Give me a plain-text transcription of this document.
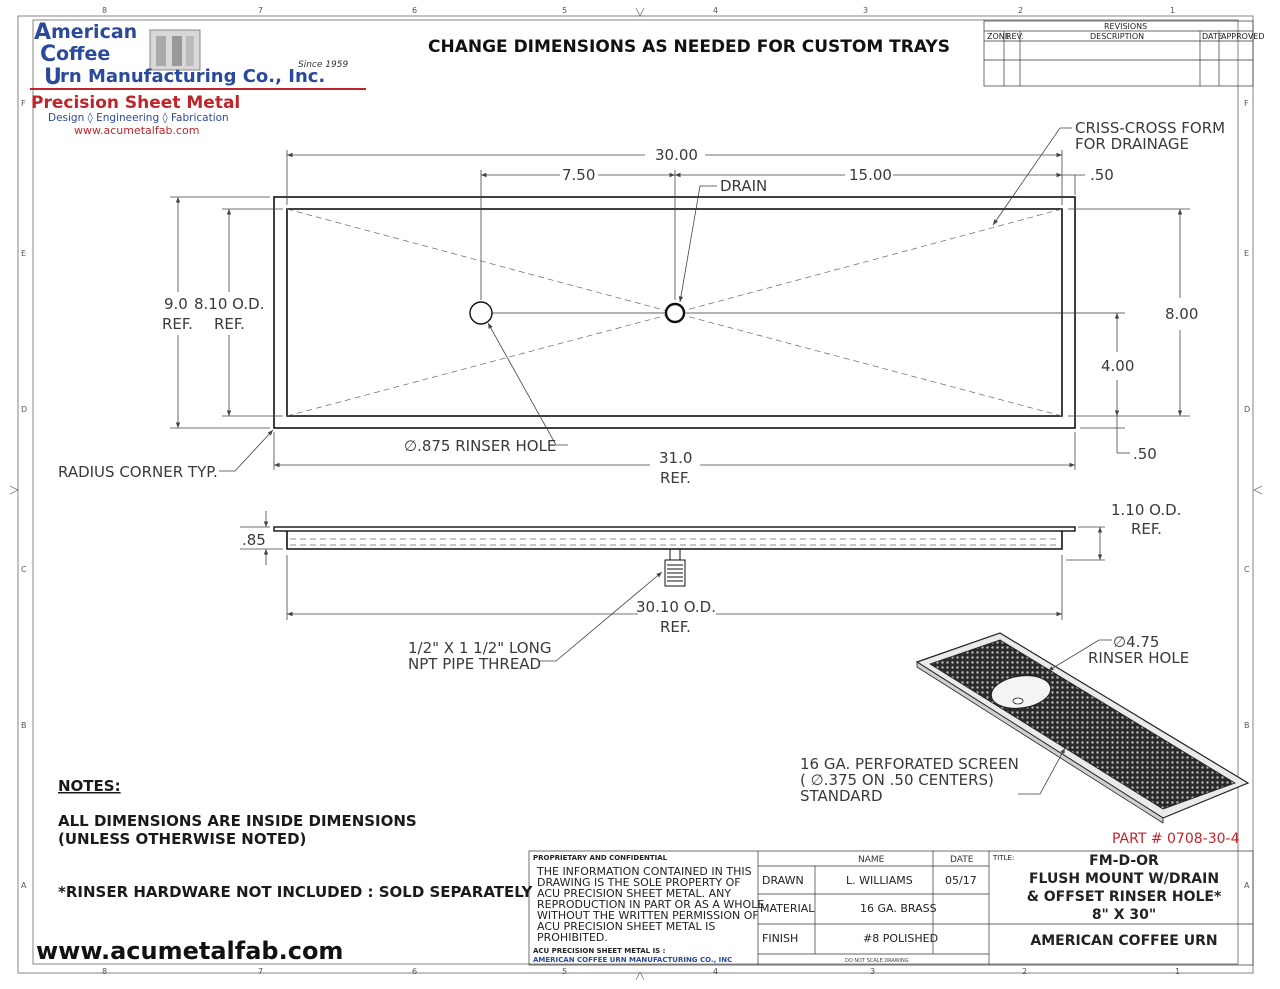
8	7	6	5	4	3	2	1
8	7	6	5	4	3	2	1
F
E
D
C
B
A
F
E
D
C
B
A
A merican
C offee	Since 1959
U
rn Manufacturing Co., Inc.
Precision Sheet Metal
Design ◊ Engineering ◊ Fabrication
www.acumetalfab.com
CHANGE DIMENSIONS AS NEEDED FOR CUSTOM TRAYS
REVISIONS
ZONE
REV.	DESCRIPTION	DATE
APPROVED
30.00
7.50	15.00	.50
DRAIN
9.0
REF.
8.10 O.D.
REF.
8.00
4.00
.50
31.0
REF.
CRISS-CROSS FORM
FOR DRAINAGE
∅.875 RINSER HOLE
RADIUS CORNER TYP.
.85
1.10 O.D.
REF.
30.10 O.D.
REF.
1/2" X 1 1/2" LONG
NPT PIPE THREAD
∅4.75
RINSER HOLE
16 GA. PERFORATED SCREEN
( ∅.375 ON .50 CENTERS)
STANDARD
NOTES:
ALL DIMENSIONS ARE INSIDE DIMENSIONS
(UNLESS OTHERWISE NOTED)
*RINSER HARDWARE NOT INCLUDED : SOLD SEPARATELY
www.acumetalfab.com
PART # 0708-30-4
PROPRIETARY AND CONFIDENTIAL
THE INFORMATION CONTAINED IN THIS
DRAWING IS THE SOLE PROPERTY OF
ACU PRECISION SHEET METAL. ANY
REPRODUCTION IN PART OR AS A WHOLE
WITHOUT THE WRITTEN PERMISSION OF
ACU PRECISION SHEET METAL IS
PROHIBITED.
ACU PRECISION SHEET METAL IS :
AMERICAN COFFEE URN MANUFACTURING CO., INC
NAME	DATE
DRAWN	L. WILLIAMS	05/17
MATERIAL	16 GA. BRASS
FINISH	#8 POLISHED
DO NOT SCALE DRAWING
TITLE:	FM-D-OR
FLUSH MOUNT W/DRAIN
& OFFSET RINSER HOLE*
8" X 30"
AMERICAN COFFEE URN
